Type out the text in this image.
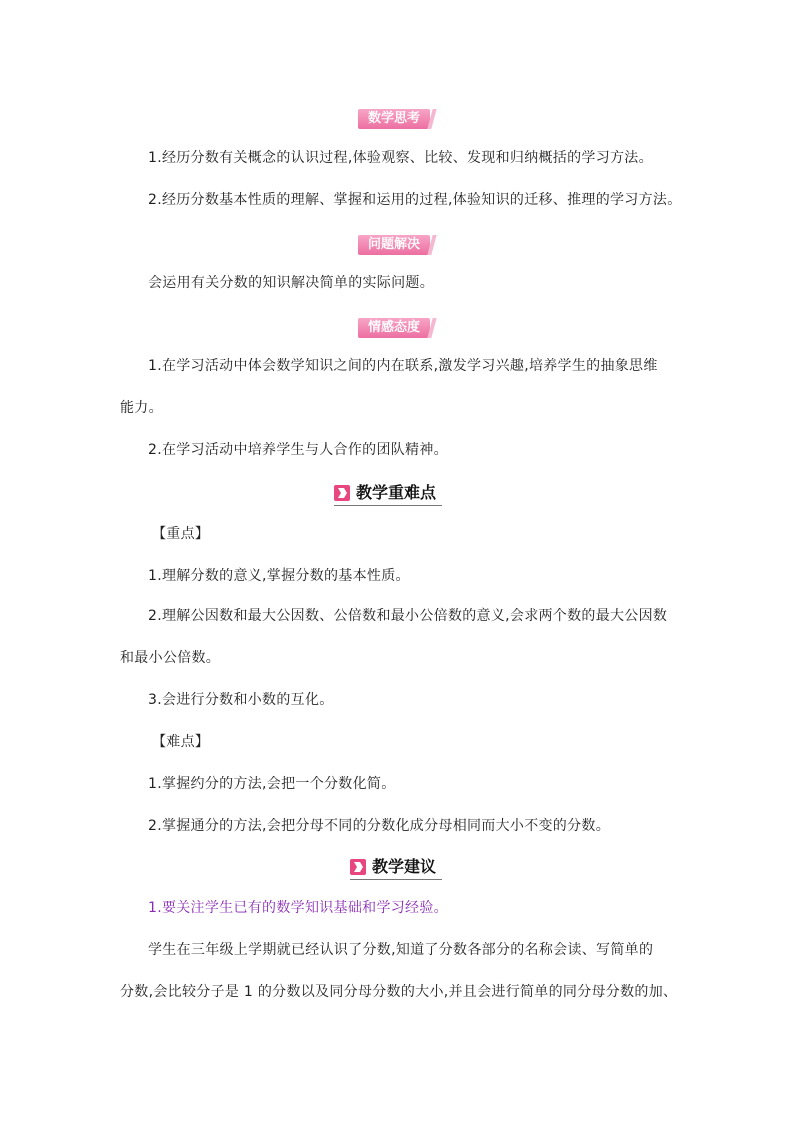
数学思考
1.经历分数有关概念的认识过程,体验观察、比较、发现和归纳概括的学习方法。
2.经历分数基本性质的理解、掌握和运用的过程,体验知识的迁移、推理的学习方法。
问题解决
会运用有关分数的知识解决简单的实际问题。
情感态度
1.在学习活动中体会数学知识之间的内在联系,激发学习兴趣,培养学生的抽象思维
能力。
2.在学习活动中培养学生与人合作的团队精神。
教学重难点
【重点】
1.理解分数的意义,掌握分数的基本性质。
2.理解公因数和最大公因数、公倍数和最小公倍数的意义,会求两个数的最大公因数
和最小公倍数。
3.会进行分数和小数的互化。
【难点】
1.掌握约分的方法,会把一个分数化简。
2.掌握通分的方法,会把分母不同的分数化成分母相同而大小不变的分数。
教学建议
1.要关注学生已有的数学知识基础和学习经验。
学生在三年级上学期就已经认识了分数,知道了分数各部分的名称会读、写简单的
分数,会比较分子是 1 的分数以及同分母分数的大小,并且会进行简单的同分母分数的加、
